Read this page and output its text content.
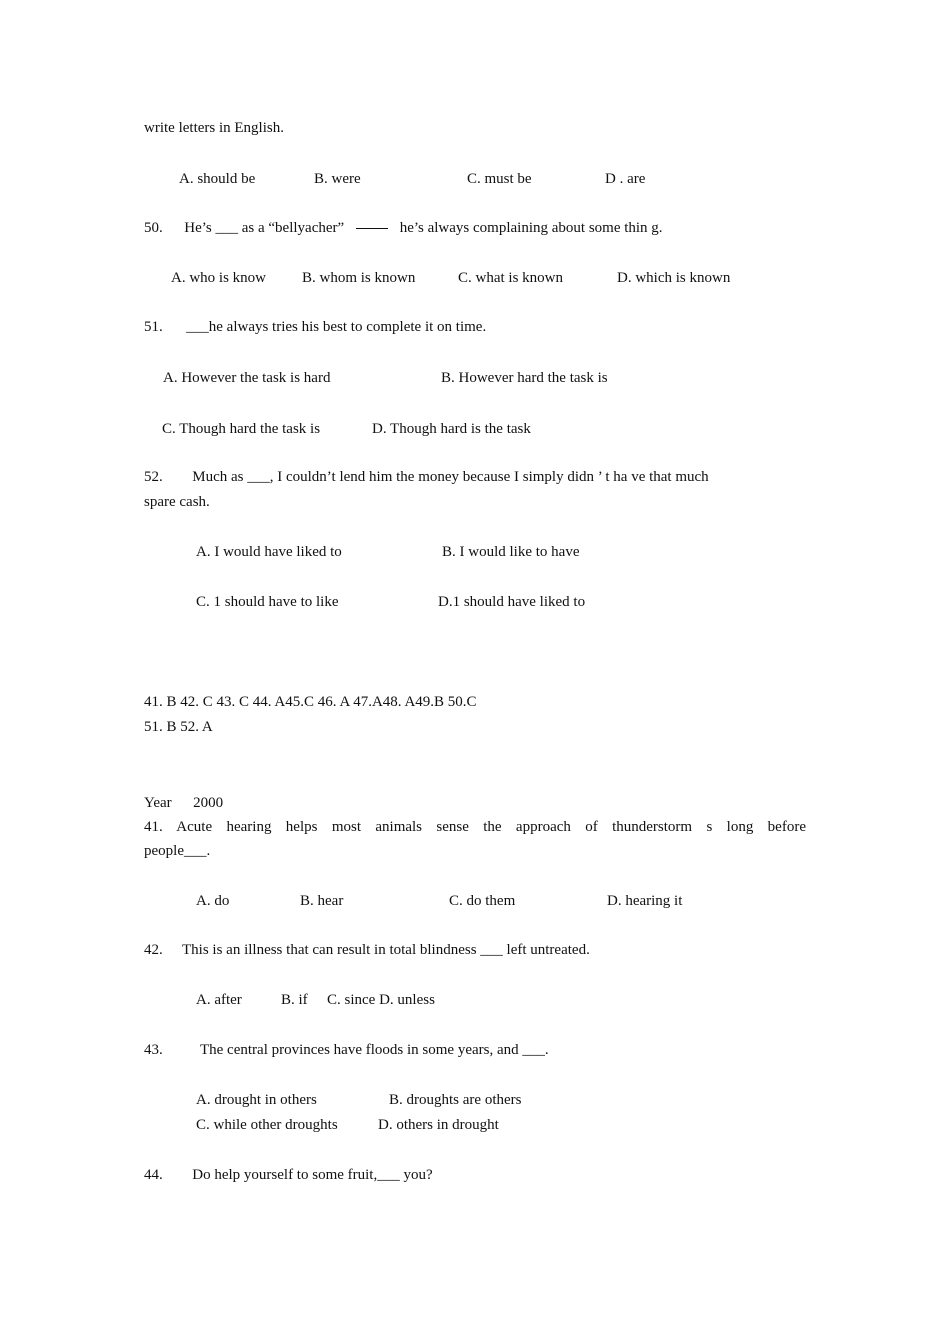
write letters in English.
A. should be	B. were	C. must be	D . are
50. He’s ___ as a “bellyacher”	he’s always complaining about some thin g.
A. who is know B. whom is known	C. what is known	D. which is known
51. ___he always tries his best to complete it on time.
A. However the task is hard	B. However hard the task is
C. Though hard the task is	D. Though hard is the task
52. Much as ___, I couldn’t lend him the money because I simply didn ’ t ha ve that much
spare cash.
A. I would have liked to	B. I would like to have
C. 1 should have to like	D.1 should have liked to
41. B 42. C 43. C 44. A45.C 46. A 47.A48. A49.B 50.C
51. B 52. A
Year 2000
41. Acute hearing helps most animals sense the approach of thunderstorm s long before
people___.
A. do	B. hear	C. do them	D. hearing it
42. This is an illness that can result in total blindness ___ left untreated.
A. after	B. if C. since D. unless
43. The central provinces have floods in some years, and ___.
A. drought in others	B. droughts are others
C. while other droughts	D. others in drought
44. Do help yourself to some fruit,___ you?
